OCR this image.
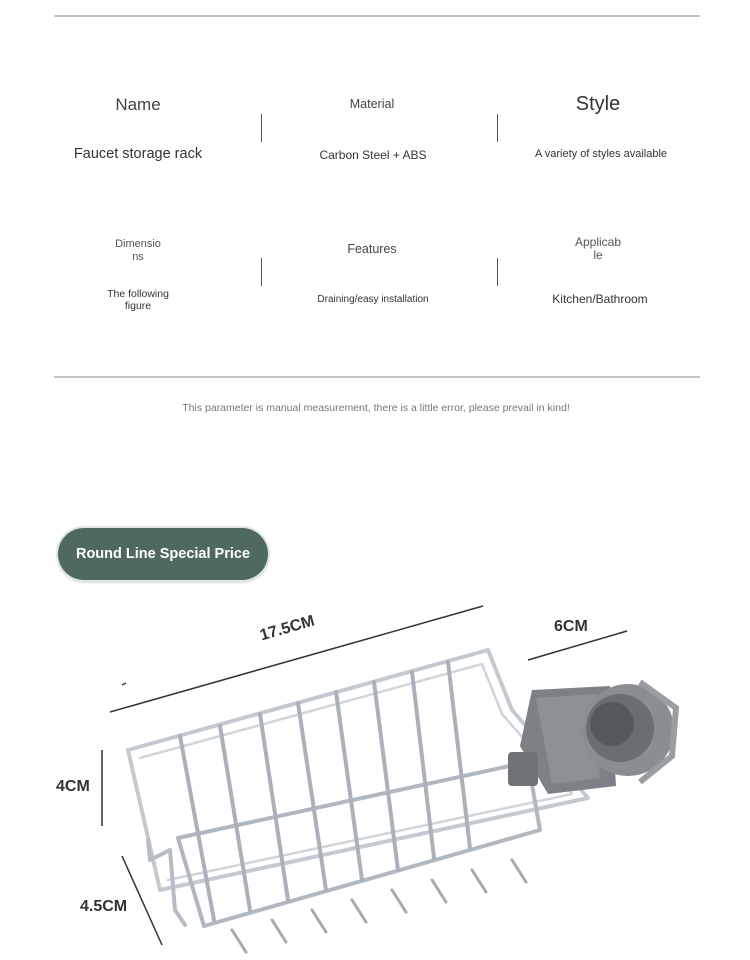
Name
Faucet storage rack
Material
Carbon Steel + ABS
Style
A variety of styles available
Dimensio
ns
The following
figure
Features
Draining/easy installation
Applicab
le
Kitchen/Bathroom
This parameter is manual measurement, there is a little error, please prevail in kind!
Round Line Special Price
17.5CM	6CM
4CM
4.5CM
